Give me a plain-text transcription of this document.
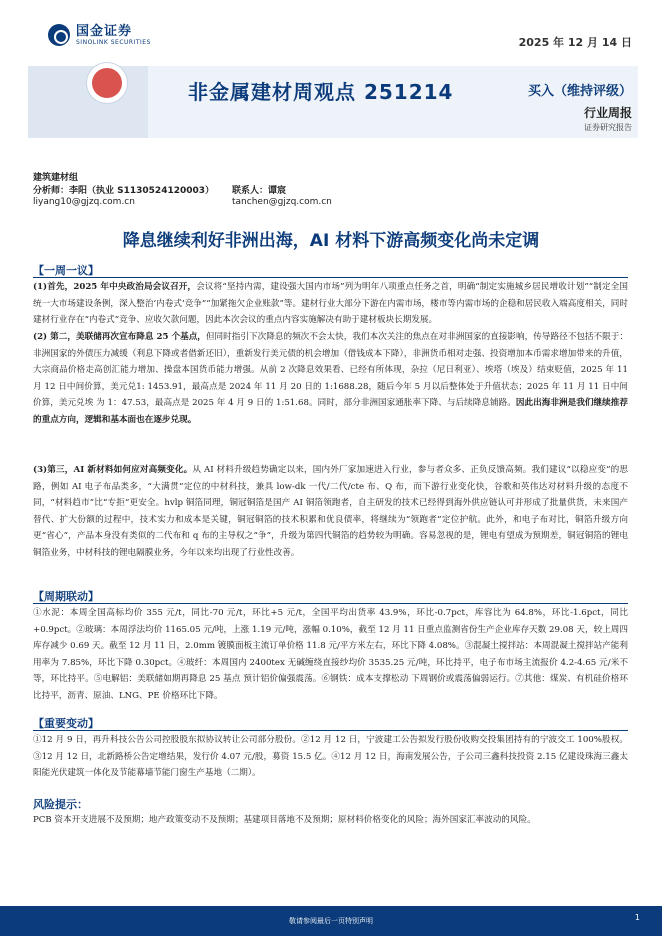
国金证券
SINOLINK SECURITIES	2025 年 12 月 14 日
非金属建材周观点 251214	买入（维持评级）
行业周报
证券研究报告
建筑建材组
分析师：李阳（执业 S1130524120003）
liyang10@gjzq.com.cn
联系人：谭宸
tanchen@gjzq.com.cn
降息继续利好非洲出海，AI 材料下游高频变化尚未定调
【一周一议】
(1)首先，2025 年中央政治局会议召开，会议将“坚持内需，建设强大国内市场”列为明年八项重点任务之首，明确“制定实施城乡居民增收计划”“制定全国统一大市场建设条例，深入整治‘内卷式’竞争”“加紧拖欠企业账款”等。建材行业大部分下游在内需市场，楼市等内需市场的企稳和居民收入端高度相关，同时建材行业存在“内卷式”竞争、应收欠款问题，因此本次会议的重点内容实施解决有助于建材板块长期发展。
(2) 第二，美联储再次宣布降息 25 个基点，但同时指引下次降息的频次不会太快，我们本次关注的焦点在对非洲国家的直接影响，传导路径不包括不限于：非洲国家的外债压力减缓（利息下降或者借新还旧），重新发行美元债的机会增加（借钱成本下降），非洲货币相对走强、投资增加本币需求增加带来的升值，大宗商品价格走高创汇能力增加、操盘本国货币能力增强。从前 2 次降息效果看、已经有所体现，杂拉（尼日利亚）、埃塔（埃及）结束贬值，2025 年 11 月 12 日中间价算，美元兑1: 1453.91，最高点是 2024 年 11 月 20 日的 1:1688.28，随后今年 5 月以后整体处于升值状态；2025 年 11 月 11 日中间价算，美元兑埃 为 1：47.53，最高点是 2025 年 4 月 9 日的 1:51.68。同时，部分非洲国家通胀率下降、与后续降息铺路。因此出海非洲是我们继续推荐的重点方向，逻辑和基本面也在逐步兑现。
(3)第三，AI 新材料如何应对高频变化。从 AI 材料升级趋势确定以来，国内外厂家加速进入行业，参与者众多、正负反馈高频。我们建议“以稳应变”的思路，例如 AI 电子布品类多，“大满贯”定位的中材科技，兼具 low-dk 一代/二代/cte 布、Q 布，而下游行业变化快，谷歌和英伟达对材料升级的态度不同，“材料趋市”比“专拒”更安全。hvlp 铜箔同理，铜冠铜箔是国产 AI 铜箔领跑者，自主研发的技术已经得到海外供应链认可并形成了批量供货，未来国产替代、扩大份额的过程中，技术实力和成本是关键，铜冠铜箔的技术积累和优良债率，将继续为“领跑者”定位护航。此外，和电子布对比，铜箔升级方向更“省心”，产品本身没有类似的二代布和 q 布的主导权之“争”，升级为第四代铜箔的趋势较为明确。容易忽视的是，锂电有望成为预期差，铜冠铜箔的锂电铜箔业务，中材科技的锂电隔膜业务，今年以来均出现了行业性改善。
【周期联动】
①水泥：本周全国高标均价 355 元/t，同比-70 元/t，环比+5 元/t，全国平均出货率 43.9%，环比-0.7pct，库容比为 64.8%，环比-1.6pct，同比+0.9pct。②玻璃：本周浮法均价 1165.05 元/吨，上涨 1.19 元/吨，涨幅 0.10%，截至 12 月 11 日重点监测省份生产企业库存天数 29.08 天，较上周四库存减少 0.69 天。截至 12 月 11 日，2.0mm 镀膜面板主流订单价格 11.8 元/平方米左右，环比下降 4.08%。③混凝土搅拌站：本周混凝土搅拌站产能利用率为 7.85%，环比下降 0.30pct。④玻纤：本周国内 2400tex 无碱缠绕直接纱均价 3535.25 元/吨，环比持平，电子布市场主流报价 4.2-4.65 元/米不等，环比持平。⑤电解铝：美联储如期再降息 25 基点 预计铝价偏强震荡。⑥钢铁：成本支撑松动 下周钢价或震荡偏弱运行。⑦其他：煤炭、有机硅价格环比持平，沥青、原油、LNG、PE 价格环比下降。
【重要变动】
①12 月 9 日，再升科技公告公司控股股东拟协议转让公司部分股份。②12 月 12 日，宁波建工公告拟发行股份收购交投集团持有的宁波交工 100%股权。③12 月 12 日，北新路桥公告定增结果，发行价 4.07 元/股，募资 15.5 亿。④12 月 12 日，海南发展公告，子公司三鑫科技投资 2.15 亿建设珠海三鑫太阳能光伏建筑一体化及节能幕墙节能门窗生产基地（二期）。
风险提示：
PCB 资本开支进展不及预期；地产政策变动不及预期；基建项目落地不及预期；原材料价格变化的风险；海外国家汇率波动的风险。
敬请参阅最后一页特别声明	1
